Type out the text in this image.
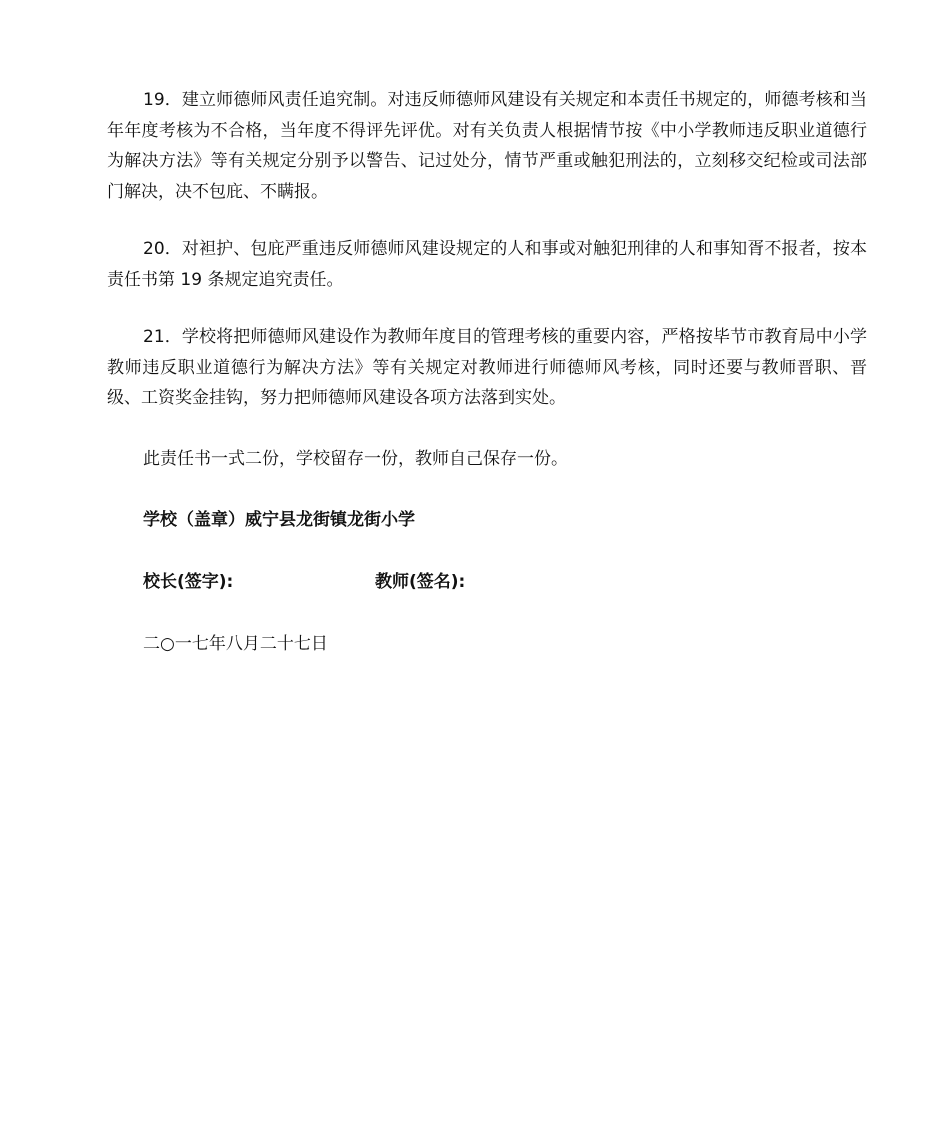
19．建立师德师风责任追究制。对违反师德师风建设有关规定和本责任书规定的，师德考核和当年年度考核为不合格，当年度不得评先评优。对有关负责人根据情节按《中小学教师违反职业道德行为解决方法》等有关规定分别予以警告、记过处分，情节严重或触犯刑法的，立刻移交纪检或司法部门解决，决不包庇、不瞒报。

20．对袒护、包庇严重违反师德师风建设规定的人和事或对触犯刑律的人和事知胥不报者，按本责任书第 19 条规定追究责任。

21．学校将把师德师风建设作为教师年度目的管理考核的重要内容，严格按毕节市教育局中小学教师违反职业道德行为解决方法》等有关规定对教师进行师德师风考核，同时还要与教师晋职、晋级、工资奖金挂钩，努力把师德师风建设各项方法落到实处。

此责任书一式二份，学校留存一份，教师自己保存一份。

学校（盖章）威宁县龙街镇龙街小学

校长(签字):	教师(签名):

二○一七年八月二十七日
